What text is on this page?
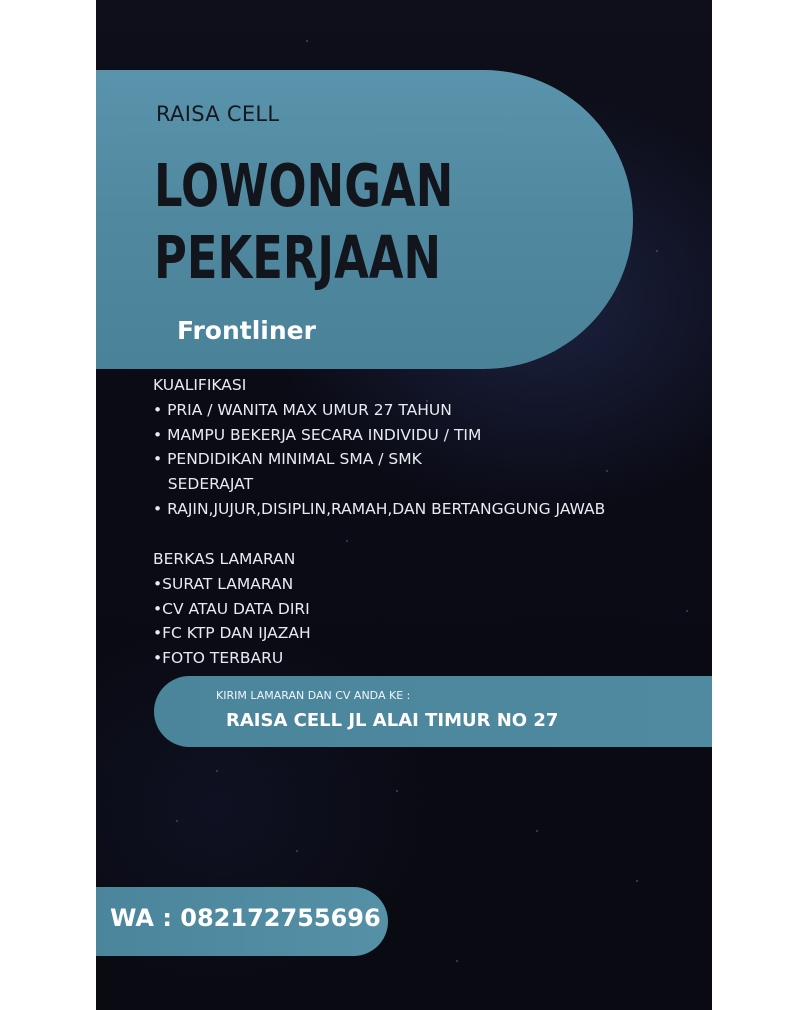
RAISA CELL
LOWONGAN
PEKERJAAN
Frontliner
KUALIFIKASI
• PRIA / WANITA MAX UMUR 27 TAHUN
• MAMPU BEKERJA SECARA INDIVIDU / TIM
• PENDIDIKAN MINIMAL SMA / SMK
SEDERAJAT
• RAJIN,JUJUR,DISIPLIN,RAMAH,DAN BERTANGGUNG JAWAB
BERKAS LAMARAN
•SURAT LAMARAN
•CV ATAU DATA DIRI
•FC KTP DAN IJAZAH
•FOTO TERBARU
KIRIM LAMARAN DAN CV ANDA KE :
RAISA CELL JL ALAI TIMUR NO 27
WA : 082172755696
